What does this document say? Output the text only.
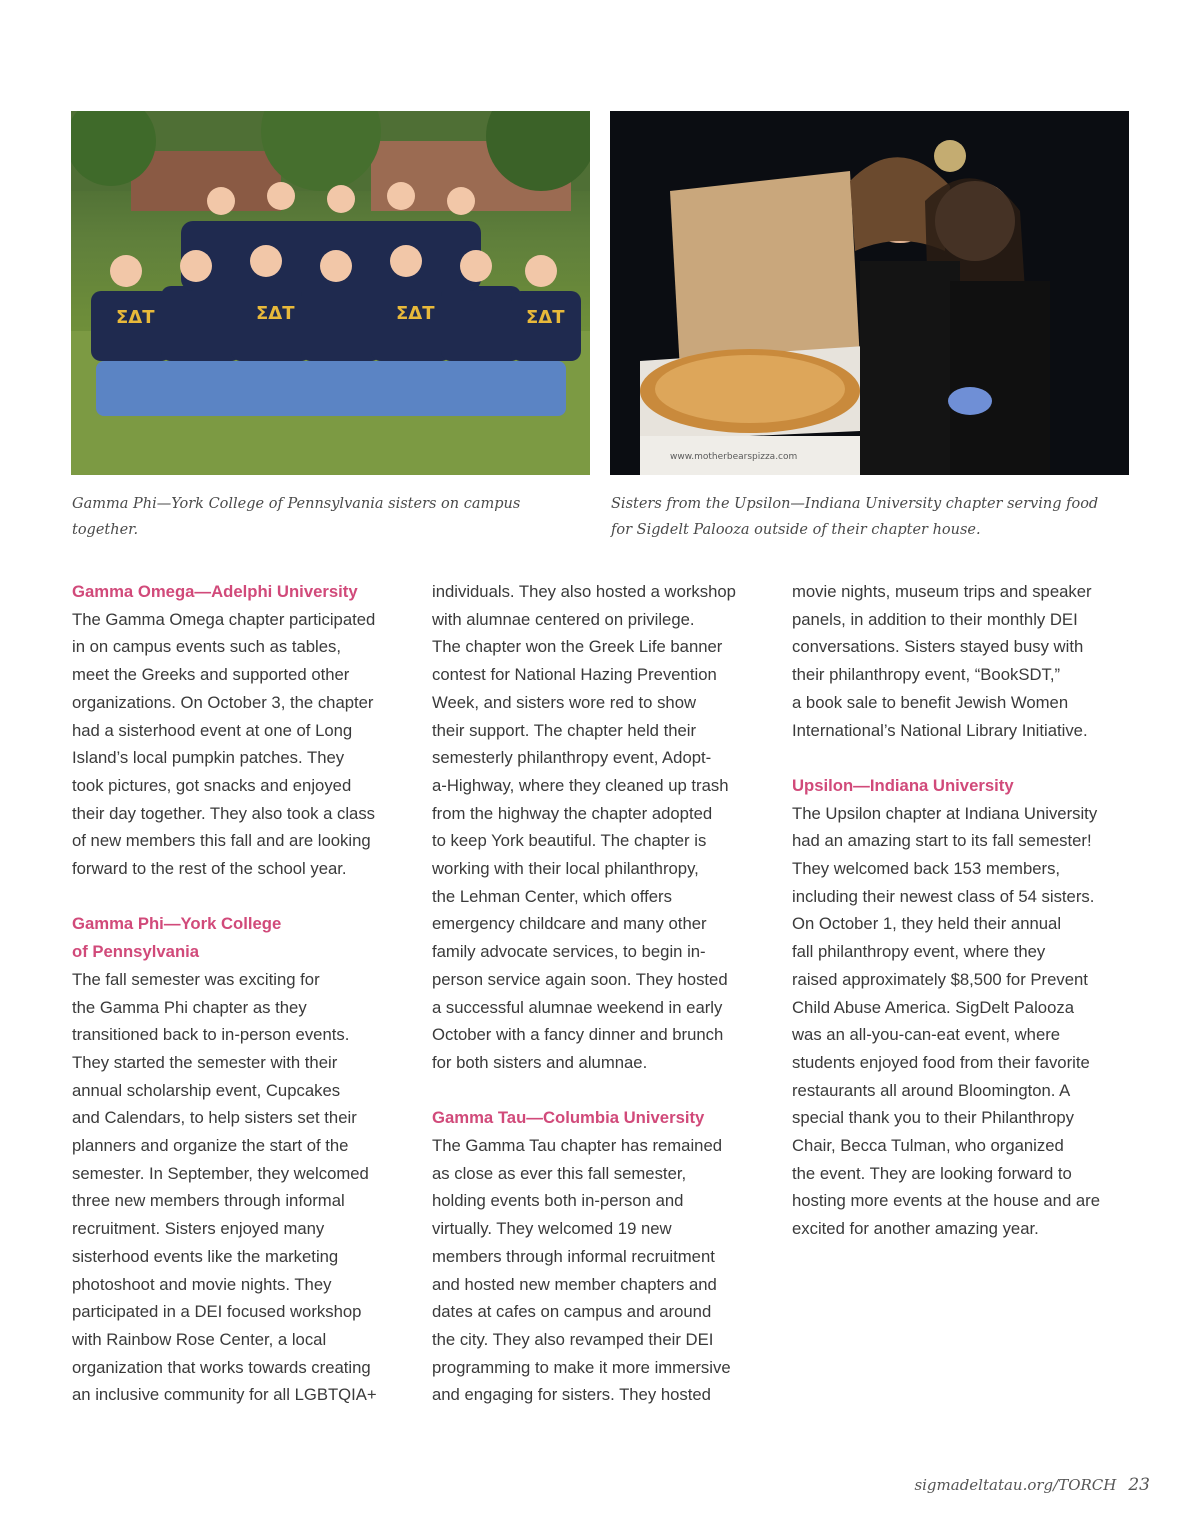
ΣΔΤ	ΣΔΤ	ΣΔΤ	ΣΔΤ
www.motherbearspizza.com
Gamma Phi—York College of Pennsylvania sisters on campus together.
Sisters from the Upsilon—Indiana University chapter serving food
for Sigdelt Palooza outside of their chapter house.
Gamma Omega—Adelphi University

The Gamma Omega chapter participated

in on campus events such as tables,

meet the Greeks and supported other

organizations. On October 3, the chapter

had a sisterhood event at one of Long

Island’s local pumpkin patches. They

took pictures, got snacks and enjoyed

their day together. They also took a class

of new members this fall and are looking

forward to the rest of the school year.

Gamma Phi—York College
of Pennsylvania

The fall semester was exciting for

the Gamma Phi chapter as they

transitioned back to in-person events.

They started the semester with their

annual scholarship event, Cupcakes

and Calendars, to help sisters set their

planners and organize the start of the

semester. In September, they welcomed

three new members through informal

recruitment. Sisters enjoyed many

sisterhood events like the marketing

photoshoot and movie nights. They

participated in a DEI focused workshop

with Rainbow Rose Center, a local

organization that works towards creating

an inclusive community for all LGBTQIA+

individuals. They also hosted a workshop

with alumnae centered on privilege.

The chapter won the Greek Life banner

contest for National Hazing Prevention

Week, and sisters wore red to show

their support. The chapter held their

semesterly philanthropy event, Adopt-

a-Highway, where they cleaned up trash

from the highway the chapter adopted

to keep York beautiful. The chapter is

working with their local philanthropy,

the Lehman Center, which offers

emergency childcare and many other

family advocate services, to begin in-

person service again soon. They hosted

a successful alumnae weekend in early

October with a fancy dinner and brunch

for both sisters and alumnae.

Gamma Tau—Columbia University

The Gamma Tau chapter has remained

as close as ever this fall semester,

holding events both in-person and

virtually. They welcomed 19 new

members through informal recruitment

and hosted new member chapters and

dates at cafes on campus and around

the city. They also revamped their DEI

programming to make it more immersive

and engaging for sisters. They hosted

movie nights, museum trips and speaker

panels, in addition to their monthly DEI

conversations. Sisters stayed busy with

their philanthropy event, “BookSDT,”

a book sale to benefit Jewish Women

International’s National Library Initiative.

Upsilon—Indiana University

The Upsilon chapter at Indiana University

had an amazing start to its fall semester!

They welcomed back 153 members,

including their newest class of 54 sisters.

On October 1, they held their annual

fall philanthropy event, where they

raised approximately $8,500 for Prevent

Child Abuse America. SigDelt Palooza

was an all-you-can-eat event, where

students enjoyed food from their favorite

restaurants all around Bloomington. A

special thank you to their Philanthropy

Chair, Becca Tulman, who organized

the event. They are looking forward to

hosting more events at the house and are

excited for another amazing year.

sigmadeltatau.org/TORCH 23
